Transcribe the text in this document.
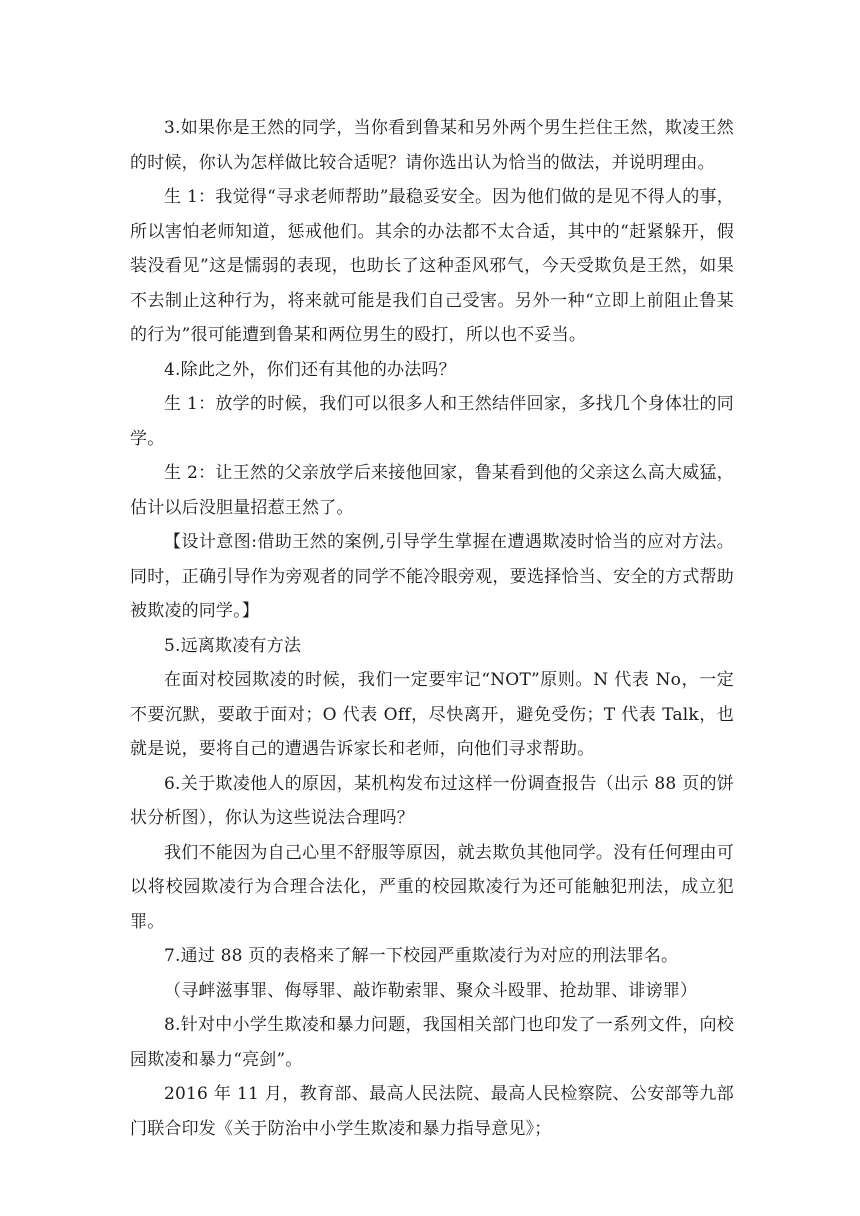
3.如果你是王然的同学，当你看到鲁某和另外两个男生拦住王然，欺凌王然的时候，你认为怎样做比较合适呢？请你选出认为恰当的做法，并说明理由。

生 1：我觉得“寻求老师帮助”最稳妥安全。因为他们做的是见不得人的事，所以害怕老师知道，惩戒他们。其余的办法都不太合适，其中的“赶紧躲开，假装没看见”这是懦弱的表现，也助长了这种歪风邪气，今天受欺负是王然，如果不去制止这种行为，将来就可能是我们自己受害。另外一种“立即上前阻止鲁某的行为”很可能遭到鲁某和两位男生的殴打，所以也不妥当。

4.除此之外，你们还有其他的办法吗？

生 1：放学的时候，我们可以很多人和王然结伴回家，多找几个身体壮的同学。

生 2：让王然的父亲放学后来接他回家，鲁某看到他的父亲这么高大威猛，估计以后没胆量招惹王然了。

【设计意图:借助王然的案例,引导学生掌握在遭遇欺凌时恰当的应对方法。同时，正确引导作为旁观者的同学不能冷眼旁观，要选择恰当、安全的方式帮助被欺凌的同学。】

5.远离欺凌有方法

在面对校园欺凌的时候，我们一定要牢记“NOT”原则。N 代表 No，一定不要沉默，要敢于面对；O 代表 Off，尽快离开，避免受伤；T 代表 Talk，也就是说，要将自己的遭遇告诉家长和老师，向他们寻求帮助。

6.关于欺凌他人的原因，某机构发布过这样一份调查报告（出示 88 页的饼状分析图），你认为这些说法合理吗？

我们不能因为自己心里不舒服等原因，就去欺负其他同学。没有任何理由可以将校园欺凌行为合理合法化，严重的校园欺凌行为还可能触犯刑法，成立犯罪。

7.通过 88 页的表格来了解一下校园严重欺凌行为对应的刑法罪名。

（寻衅滋事罪、侮辱罪、敲诈勒索罪、聚众斗殴罪、抢劫罪、诽谤罪）

8.针对中小学生欺凌和暴力问题，我国相关部门也印发了一系列文件，向校园欺凌和暴力“亮剑”。

2016 年 11 月，教育部、最高人民法院、最高人民检察院、公安部等九部门联合印发《关于防治中小学生欺凌和暴力指导意见》；
